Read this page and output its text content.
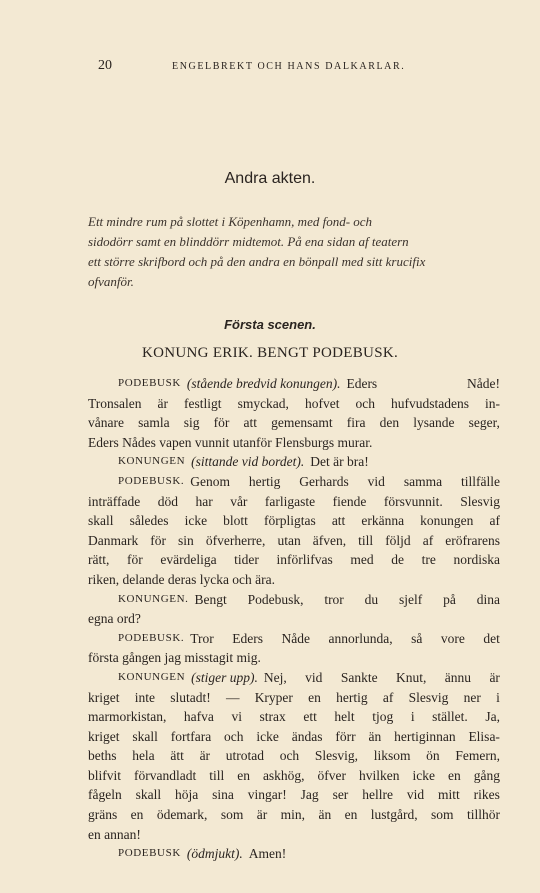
20	ENGELBREKT OCH HANS DALKARLAR.
Andra akten.
Ett mindre rum på slottet i Köpenhamn, med fond- och
sidodörr samt en blinddörr midtemot. På ena sidan af teatern
ett större skrifbord och på den andra en bönpall med sitt krucifix
ofvanför.
Första scenen.
KONUNG ERIK. BENGT PODEBUSK.
PODEBUSK (stående bredvid konungen). Eders	Nåde!
Tronsalen är festligt smyckad, hofvet och hufvudstadens in-
vånare samla sig för att gemensamt fira den lysande seger,
Eders Nådes vapen vunnit utanför Flensburgs murar.
KONUNGEN (sittande vid bordet). Det är bra!
PODEBUSK. Genom hertig Gerhards vid samma tillfälle
inträffade död har vår farligaste fiende försvunnit. Slesvig
skall således icke blott förpligtas att erkänna konungen af
Danmark för sin öfverherre, utan äfven, till följd af eröfrarens
rätt, för evärdeliga tider införlifvas med de tre nordiska
riken, delande deras lycka och ära.
KONUNGEN. Bengt Podebusk, tror du sjelf på dina
egna ord?
PODEBUSK. Tror Eders Nåde annorlunda, så vore det
första gången jag misstagit mig.
KONUNGEN (stiger upp). Nej, vid Sankte Knut, ännu är
kriget inte slutadt! — Kryper en hertig af Slesvig ner i
marmorkistan, hafva vi strax ett helt tjog i stället. Ja,
kriget skall fortfara och icke ändas förr än hertiginnan Elisa-
beths hela ätt är utrotad och Slesvig, liksom ön Femern,
blifvit förvandladt till en askhög, öfver hvilken icke en gång
fågeln skall höja sina vingar! Jag ser hellre vid mitt rikes
gräns en ödemark, som är min, än en lustgård, som tillhör
en annan!
PODEBUSK (ödmjukt). Amen!
